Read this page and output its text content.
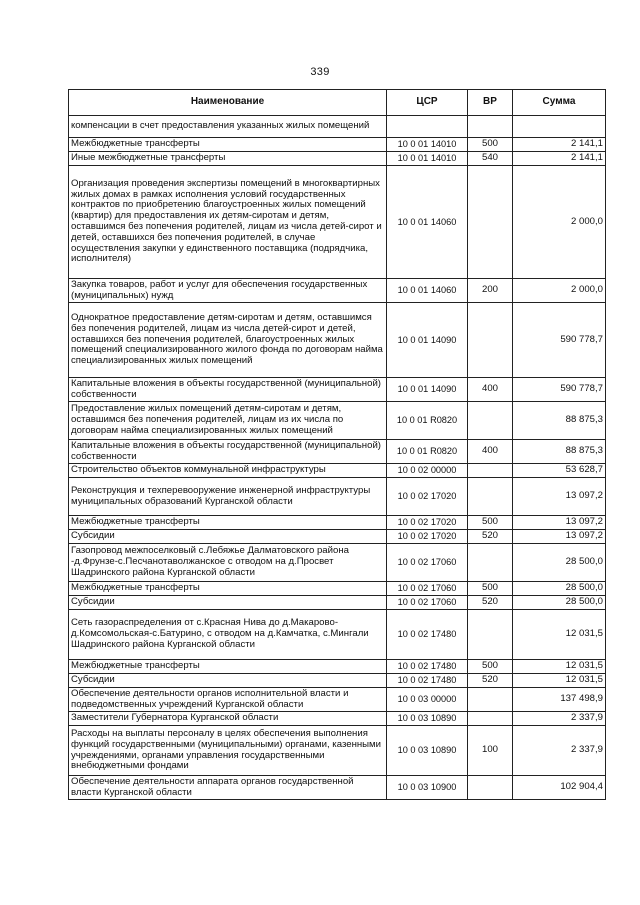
339
Наименование	ЦСР	ВР	Сумма
компенсации в счет предоставления указанных жилых помещений			
Межбюджетные трансферты	10 0 01 14010	500	2 141,1
Иные межбюджетные трансферты	10 0 01 14010	540	2 141,1
Организация проведения экспертизы помещений в многоквартирных жилых домах в рамках исполнения условий государственных контрактов по приобретению благоустроенных жилых помещений (квартир) для предоставления их детям-сиротам и детям, оставшимся без попечения родителей, лицам из числа детей-сирот и детей, оставшихся без попечения родителей, в случае осуществления закупки у единственного поставщика (подрядчика, исполнителя)	10 0 01 14060		2 000,0
Закупка товаров, работ и услуг для обеспечения государственных (муниципальных) нужд	10 0 01 14060	200	2 000,0
Однократное предоставление детям-сиротам и детям, оставшимся без попечения родителей, лицам из числа детей-сирот и детей, оставшихся без попечения родителей, благоустроенных жилых помещений специализированного жилого фонда по договорам найма специализированных жилых помещений	10 0 01 14090		590 778,7
Капитальные вложения в объекты государственной (муниципальной) собственности	10 0 01 14090	400	590 778,7
Предоставление жилых помещений детям-сиротам и детям, оставшимся без попечения родителей, лицам из их числа по договорам найма специализированных жилых помещений	10 0 01 R0820		88 875,3
Капитальные вложения в объекты государственной (муниципальной) собственности	10 0 01 R0820	400	88 875,3
Строительство объектов коммунальной инфраструктуры	10 0 02 00000		53 628,7
Реконструкция и техперевооружение инженерной инфраструктуры муниципальных образований Курганской области	10 0 02 17020		13 097,2
Межбюджетные трансферты	10 0 02 17020	500	13 097,2
Субсидии	10 0 02 17020	520	13 097,2
Газопровод межпоселковый с.Лебяжье Далматовского района -д.Фрунзе-с.Песчанотаволжанское с отводом на д.Просвет Шадринского района Курганской области	10 0 02 17060		28 500,0
Межбюджетные трансферты	10 0 02 17060	500	28 500,0
Субсидии	10 0 02 17060	520	28 500,0
Сеть газораспределения от с.Красная Нива до д.Макарово-д.Комсомольская-с.Батурино, с отводом на д.Камчатка, с.Мингали Шадринского района Курганской области	10 0 02 17480		12 031,5
Межбюджетные трансферты	10 0 02 17480	500	12 031,5
Субсидии	10 0 02 17480	520	12 031,5
Обеспечение деятельности органов исполнительной власти и подведомственных учреждений Курганской области	10 0 03 00000		137 498,9
Заместители Губернатора Курганской области	10 0 03 10890		2 337,9
Расходы на выплаты персоналу в целях обеспечения выполнения функций государственными (муниципальными) органами, казенными учреждениями, органами управления государственными внебюджетными фондами	10 0 03 10890	100	2 337,9
Обеспечение деятельности аппарата органов государственной власти Курганской области	10 0 03 10900		102 904,4
